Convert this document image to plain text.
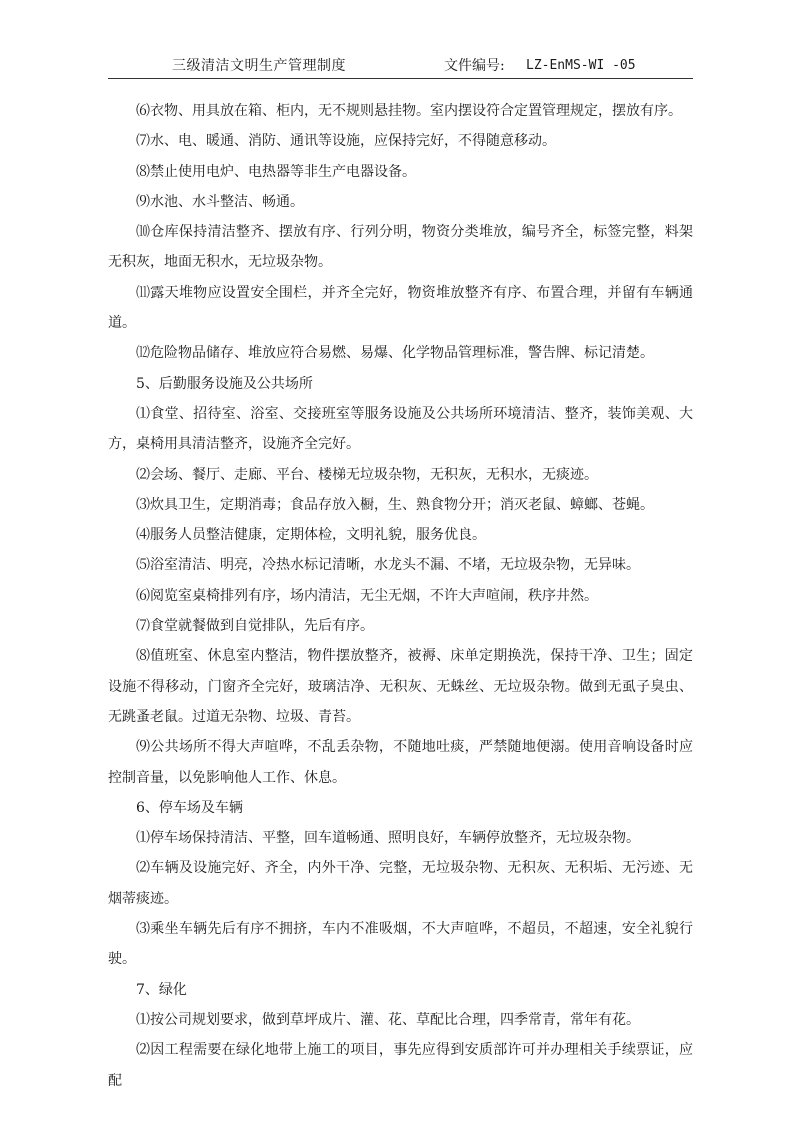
三级清洁文明生产管理制度	文件编号: LZ-EnMS-WI -05

⑹衣物、用具放在箱、柜内，无不规则悬挂物。室内摆设符合定置管理规定，摆放有序。

⑺水、电、暖通、消防、通讯等设施，应保持完好，不得随意移动。

⑻禁止使用电炉、电热器等非生产电器设备。

⑼水池、水斗整洁、畅通。

⑽仓库保持清洁整齐、摆放有序、行列分明，物资分类堆放，编号齐全，标签完整，料架无积灰，地面无积水，无垃圾杂物。

⑾露天堆物应设置安全围栏，并齐全完好，物资堆放整齐有序、布置合理，并留有车辆通道。

⑿危险物品储存、堆放应符合易燃、易爆、化学物品管理标准，警告牌、标记清楚。

5、后勤服务设施及公共场所

⑴食堂、招待室、浴室、交接班室等服务设施及公共场所环境清洁、整齐，装饰美观、大方，桌椅用具清洁整齐，设施齐全完好。

⑵会场、餐厅、走廊、平台、楼梯无垃圾杂物，无积灰，无积水，无痰迹。

⑶炊具卫生，定期消毒；食品存放入橱，生、熟食物分开；消灭老鼠、蟑螂、苍蝇。

⑷服务人员整洁健康，定期体检，文明礼貌，服务优良。

⑸浴室清洁、明亮，冷热水标记清晰，水龙头不漏、不堵，无垃圾杂物，无异味。

⑹阅览室桌椅排列有序，场内清洁，无尘无烟，不许大声喧闹，秩序井然。

⑺食堂就餐做到自觉排队，先后有序。

⑻值班室、休息室内整洁，物件摆放整齐，被褥、床单定期换洗，保持干净、卫生；固定设施不得移动，门窗齐全完好，玻璃洁净、无积灰、无蛛丝、无垃圾杂物。做到无虱子臭虫、无跳蚤老鼠。过道无杂物、垃圾、青苔。

⑼公共场所不得大声喧哗，不乱丢杂物，不随地吐痰，严禁随地便溺。使用音响设备时应控制音量，以免影响他人工作、休息。

6、停车场及车辆

⑴停车场保持清洁、平整，回车道畅通、照明良好，车辆停放整齐，无垃圾杂物。

⑵车辆及设施完好、齐全，内外干净、完整，无垃圾杂物、无积灰、无积垢、无污迹、无烟蒂痰迹。

⑶乘坐车辆先后有序不拥挤，车内不准吸烟，不大声喧哗，不超员，不超速，安全礼貌行驶。

7、绿化

⑴按公司规划要求，做到草坪成片、灌、花、草配比合理，四季常青，常年有花。

⑵因工程需要在绿化地带上施工的项目，事先应得到安质部许可并办理相关手续票证，应配
